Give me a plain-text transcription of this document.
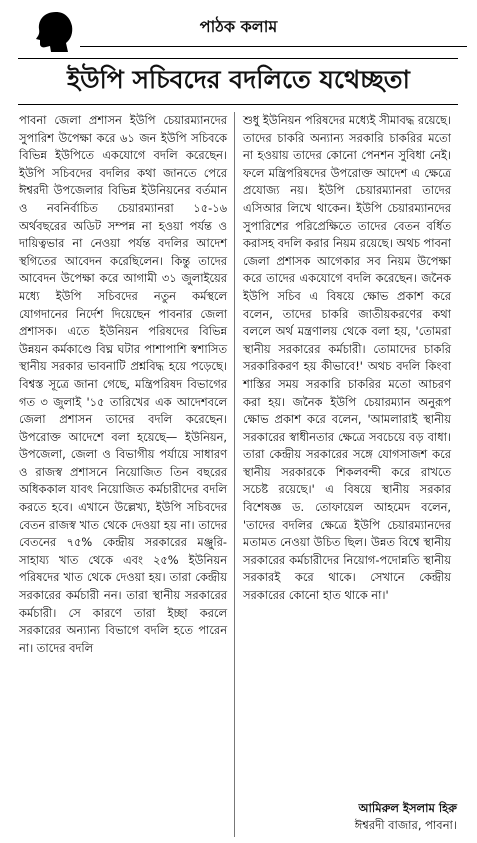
পাঠক কলাম
ইউপি সচিবদের বদলিতে যথেচ্ছতা

পাবনা জেলা প্রশাসন ইউপি চেয়ারম্যানদের সুপারিশ উপেক্ষা করে ৬১ জন ইউপি সচিবকে বিভিন্ন ইউপিতে একযোগে বদলি করেছেন। ইউপি সচিবদের বদলির কথা জানতে পেরে ঈশ্বরদী উপজেলার বিভিন্ন ইউনিয়নের বর্তমান ও নবনির্বাচিত চেয়ারম্যানরা ১৫-১৬ অর্থবছরের অডিট সম্পন্ন না হওয়া পর্যন্ত ও দায়িত্বভার না নেওয়া পর্যন্ত বদলির আদেশ স্থগিতের আবেদন করেছিলেন। কিন্তু তাদের আবেদন উপেক্ষা করে আগামী ৩১ জুলাইয়ের মধ্যে ইউপি সচিবদের নতুন কর্মস্থলে যোগদানের নির্দেশ দিয়েছেন পাবনার জেলা প্রশাসক। এতে ইউনিয়ন পরিষদের বিভিন্ন উন্নয়ন কর্মকাণ্ডে বিঘ্ন ঘটার পাশাপাশি স্বশাসিত স্থানীয় সরকার ভাবনাটি প্রশ্নবিদ্ধ হয়ে পড়েছে। বিশ্বস্ত সূত্রে জানা গেছে, মন্ত্রিপরিষদ বিভাগের গত ৩ জুলাই '১৫ তারিখের এক আদেশবলে জেলা প্রশাসন তাদের বদলি করেছেন। উপরোক্ত আদেশে বলা হয়েছে— ইউনিয়ন, উপজেলা, জেলা ও বিভাগীয় পর্যায়ে সাধারণ ও রাজস্ব প্রশাসনে নিয়োজিত তিন বছরের অধিককাল যাবৎ নিয়োজিত কর্মচারীদের বদলি করতে হবে। এখানে উল্লেখ্য, ইউপি সচিবদের বেতন রাজস্ব খাত থেকে দেওয়া হয় না। তাদের বেতনের ৭৫% কেন্দ্রীয় সরকারের মঞ্জুরি-সাহায্য খাত থেকে এবং ২৫% ইউনিয়ন পরিষদের খাত থেকে দেওয়া হয়। তারা কেন্দ্রীয় সরকারের কর্মচারী নন। তারা স্থানীয় সরকারের কর্মচারী। সে কারণে তারা ইচ্ছা করলে সরকারের অন্যান্য বিভাগে বদলি হতে পারেন না। তাদের বদলি

শুধু ইউনিয়ন পরিষদের মধ্যেই সীমাবদ্ধ রয়েছে। তাদের চাকরি অন্যান্য সরকারি চাকরির মতো না হওয়ায় তাদের কোনো পেনশন সুবিধা নেই। ফলে মন্ত্রিপরিষদের উপরোক্ত আদেশ এ ক্ষেত্রে প্রযোজ্য নয়। ইউপি চেয়ারম্যানরা তাদের এসিআর লিখে থাকেন। ইউপি চেয়ারম্যানদের সুপারিশের পরিপ্রেক্ষিতে তাদের বেতন বর্ধিত করাসহ বদলি করার নিয়ম রয়েছে। অথচ পাবনা জেলা প্রশাসক আগেকার সব নিয়ম উপেক্ষা করে তাদের একযোগে বদলি করেছেন। জনৈক ইউপি সচিব এ বিষয়ে ক্ষোভ প্রকাশ করে বলেন, তাদের চাকরি জাতীয়করণের কথা বললে অর্থ মন্ত্রণালয় থেকে বলা হয়, 'তোমরা স্থানীয় সরকারের কর্মচারী। তোমাদের চাকরি সরকারিকরণ হয় কীভাবে!' অথচ বদলি কিংবা শাস্তির সময় সরকারি চাকরির মতো আচরণ করা হয়। জনৈক ইউপি চেয়ারম্যান অনুরূপ ক্ষোভ প্রকাশ করে বলেন, 'আমলারাই স্থানীয় সরকারের স্বাধীনতার ক্ষেত্রে সবচেয়ে বড় বাধা। তারা কেন্দ্রীয় সরকারের সঙ্গে যোগসাজশ করে স্থানীয় সরকারকে শিকলবন্দী করে রাখতে সচেষ্ট রয়েছে।' এ বিষয়ে স্থানীয় সরকার বিশেষজ্ঞ ড. তোফায়েল আহমেদ বলেন, 'তাদের বদলির ক্ষেত্রে ইউপি চেয়ারম্যানদের মতামত নেওয়া উচিত ছিল। উন্নত বিশ্বে স্থানীয় সরকারের কর্মচারীদের নিয়োগ-পদোন্নতি স্থানীয় সরকারই করে থাকে। সেখানে কেন্দ্রীয় সরকারের কোনো হাত থাকে না।'

আমিরুল ইসলাম হিরু
ঈশ্বরদী বাজার, পাবনা।
